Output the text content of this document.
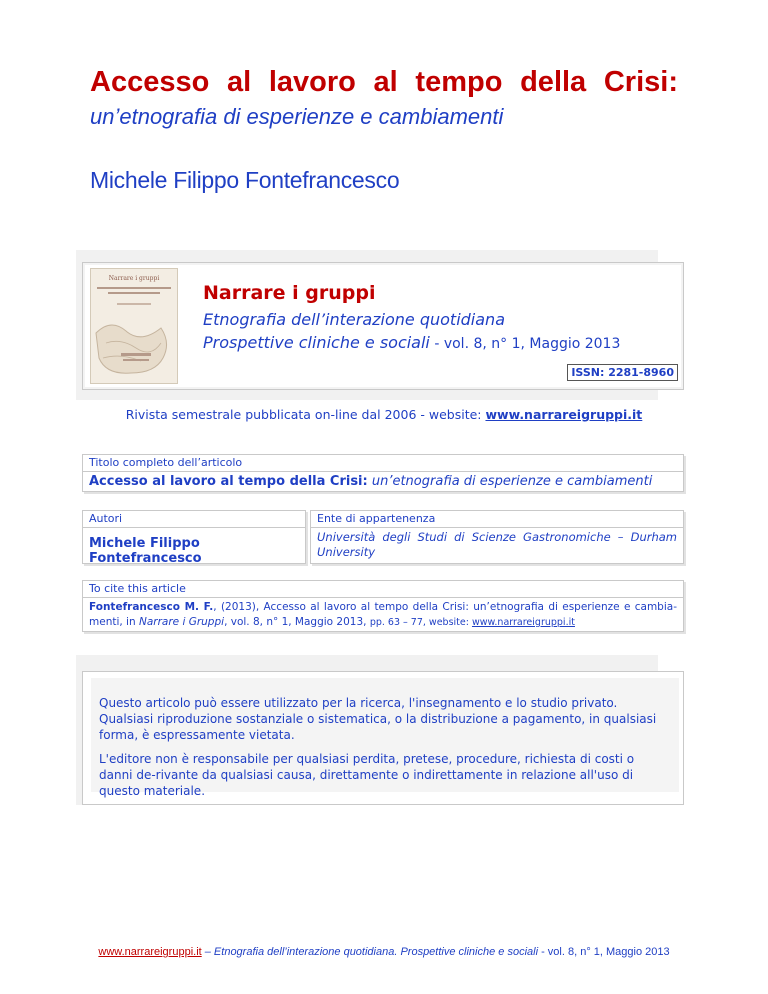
Accesso al lavoro al tempo della Crisi:

un’etnografia di esperienze e cambiamenti

Michele Filippo Fontefrancesco

Narrare i gruppi

Narrare i gruppi

Etnografia dell’interazione quotidiana

Prospettive cliniche e sociali - vol. 8, n° 1, Maggio 2013

ISSN: 2281-8960

Rivista semestrale pubblicata on-line dal 2006 - website: www.narrareigruppi.it

Titolo completo dell’articolo
Accesso al lavoro al tempo della Crisi: un’etnografia di esperienze e cambiamenti
Autori
Michele Filippo Fontefrancesco
Ente di appartenenza
Università degli Studi di Scienze Gastronomiche – Durham University
To cite this article
Fontefrancesco M. F., (2013), Accesso al lavoro al tempo della Crisi: un’etnografia di esperienze e cambia-menti, in Narrare i Gruppi, vol. 8, n° 1, Maggio 2013, pp. 63 – 77, website: www.narrareigruppi.it

Questo articolo può essere utilizzato per la ricerca, l'insegnamento e lo studio privato.

Qualsiasi riproduzione sostanziale o sistematica, o la distribuzione a pagamento, in qualsiasi forma, è espressamente vietata.

L'editore non è responsabile per qualsiasi perdita, pretese, procedure, richiesta di costi o danni de-rivante da qualsiasi causa, direttamente o indirettamente in relazione all'uso di questo materiale.

www.narrareigruppi.it – Etnografia dell’interazione quotidiana. Prospettive cliniche e sociali - vol. 8, n° 1, Maggio 2013
